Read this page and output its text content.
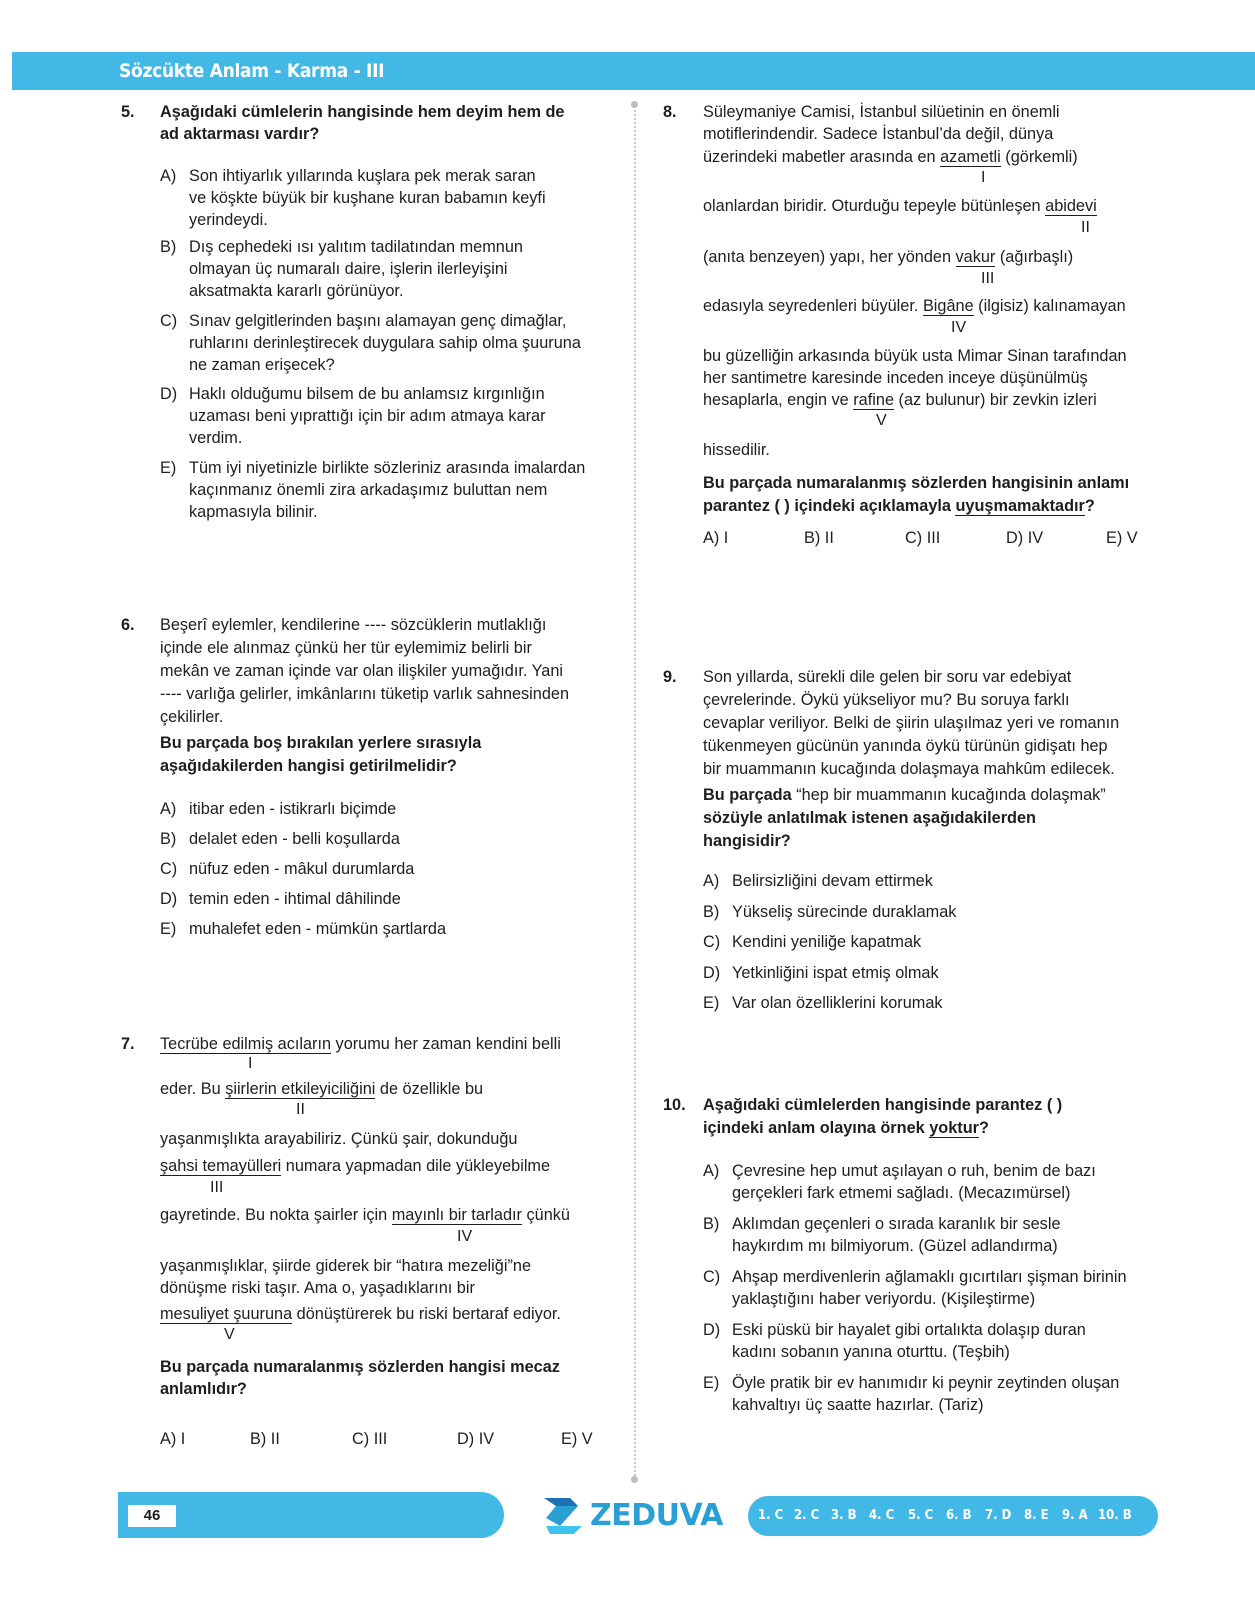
Sözcükte Anlam - Karma - III
5. Aşağıdaki cümlelerin hangisinde hem deyim hem de
ad aktarması vardır?
A) Son ihtiyarlık yıllarında kuşlara pek merak saran
ve köşkte büyük bir kuşhane kuran babamın keyfi
yerindeydi.
B) Dış cephedeki ısı yalıtım tadilatından memnun
olmayan üç numaralı daire, işlerin ilerleyişini
aksatmakta kararlı görünüyor.
C) Sınav gelgitlerinden başını alamayan genç dimağlar,
ruhlarını derinleştirecek duygulara sahip olma şuuruna
ne zaman erişecek?
D) Haklı olduğumu bilsem de bu anlamsız kırgınlığın
uzaması beni yıprattığı için bir adım atmaya karar
verdim.
E) Tüm iyi niyetinizle birlikte sözleriniz arasında imalardan
kaçınmanız önemli zira arkadaşımız buluttan nem
kapmasıyla bilinir.
6. Beşerî eylemler, kendilerine ---- sözcüklerin mutlaklığı
içinde ele alınmaz çünkü her tür eylemimiz belirli bir
mekân ve zaman içinde var olan ilişkiler yumağıdır. Yani
---- varlığa gelirler, imkânlarını tüketip varlık sahnesinden
çekilirler.
Bu parçada boş bırakılan yerlere sırasıyla
aşağıdakilerden hangisi getirilmelidir?
A) itibar eden - istikrarlı biçimde
B) delalet eden - belli koşullarda
C) nüfuz eden - mâkul durumlarda
D) temin eden - ihtimal dâhilinde
E) muhalefet eden - mümkün şartlarda
7. Tecrübe edilmiş acıların yorumu her zaman kendini belli
I
eder. Bu şiirlerin etkileyiciliğini de özellikle bu
II
yaşanmışlıkta arayabiliriz. Çünkü şair, dokunduğu
şahsi temayülleri numara yapmadan dile yükleyebilme
III
gayretinde. Bu nokta şairler için mayınlı bir tarladır çünkü
IV
yaşanmışlıklar, şiirde giderek bir “hatıra mezeliği”ne
dönüşme riski taşır. Ama o, yaşadıklarını bir
mesuliyet şuuruna dönüştürerek bu riski bertaraf ediyor.
V
Bu parçada numaralanmış sözlerden hangisi mecaz
anlamlıdır?
A) I	B) II	C) III	D) IV	E) V
8. Süleymaniye Camisi, İstanbul silüetinin en önemli
motiflerindendir. Sadece İstanbul’da değil, dünya
üzerindeki mabetler arasında en azametli (görkemli)
I
olanlardan biridir. Oturduğu tepeyle bütünleşen abidevi
II
(anıta benzeyen) yapı, her yönden vakur (ağırbaşlı)
III
edasıyla seyredenleri büyüler. Bigâne (ilgisiz) kalınamayan
IV
bu güzelliğin arkasında büyük usta Mimar Sinan tarafından
her santimetre karesinde inceden inceye düşünülmüş
hesaplarla, engin ve rafine (az bulunur) bir zevkin izleri
V
hissedilir.
Bu parçada numaralanmış sözlerden hangisinin anlamı
parantez ( ) içindeki açıklamayla uyuşmamaktadır?
A) I	B) II	C) III	D) IV	E) V
9. Son yıllarda, sürekli dile gelen bir soru var edebiyat
çevrelerinde. Öykü yükseliyor mu? Bu soruya farklı
cevaplar veriliyor. Belki de şiirin ulaşılmaz yeri ve romanın
tükenmeyen gücünün yanında öykü türünün gidişatı hep
bir muammanın kucağında dolaşmaya mahkûm edilecek.
Bu parçada “hep bir muammanın kucağında dolaşmak”
sözüyle anlatılmak istenen aşağıdakilerden
hangisidir?
A) Belirsizliğini devam ettirmek
B) Yükseliş sürecinde duraklamak
C) Kendini yeniliğe kapatmak
D) Yetkinliğini ispat etmiş olmak
E) Var olan özelliklerini korumak
10. Aşağıdaki cümlelerden hangisinde parantez ( )
içindeki anlam olayına örnek yoktur?
A) Çevresine hep umut aşılayan o ruh, benim de bazı
gerçekleri fark etmemi sağladı. (Mecazımürsel)
B) Aklımdan geçenleri o sırada karanlık bir sesle
haykırdım mı bilmiyorum. (Güzel adlandırma)
C) Ahşap merdivenlerin ağlamaklı gıcırtıları şişman birinin
yaklaştığını haber veriyordu. (Kişileştirme)
D) Eski püskü bir hayalet gibi ortalıkta dolaşıp duran
kadını sobanın yanına oturttu. (Teşbih)
E) Öyle pratik bir ev hanımıdır ki peynir zeytinden oluşan
kahvaltıyı üç saatte hazırlar. (Tariz)
46	ZEDUVA	1. C 2. C 3. B 4. C 5. C 6. B 7. D 8. E 9. A 10. B
